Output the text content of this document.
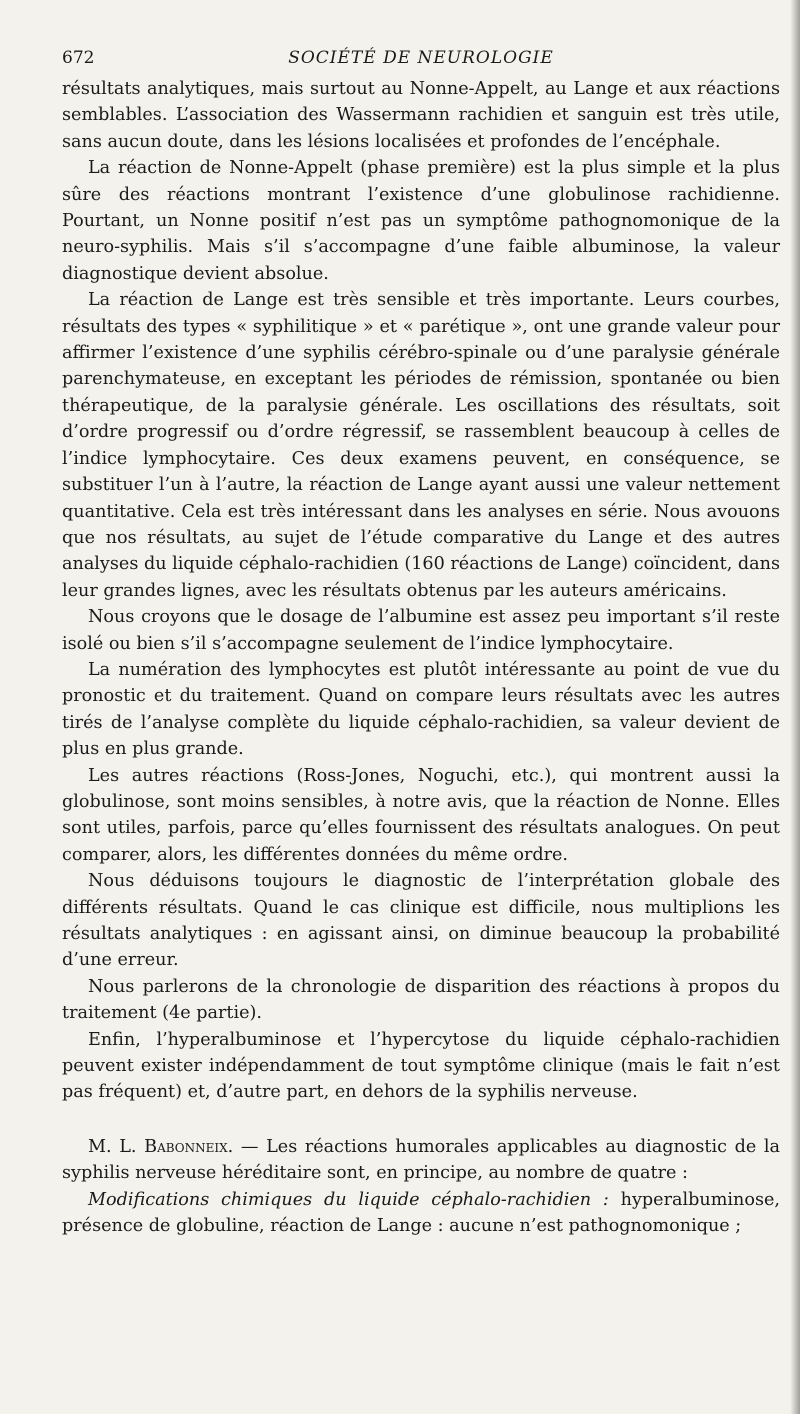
672	SOCIÉTÉ DE NEUROLOGIE

résultats analytiques, mais surtout au Nonne-Appelt, au Lange et aux réactions semblables. L’association des Wassermann rachidien et sanguin est très utile, sans aucun doute, dans les lésions localisées et profondes de l’encéphale.

La réaction de Nonne-Appelt (phase première) est la plus simple et la plus sûre des réactions montrant l’existence d’une globulinose rachidienne. Pourtant, un Nonne positif n’est pas un symptôme pathognomonique de la neuro-syphilis. Mais s’il s’accompagne d’une faible albuminose, la valeur diagnostique devient absolue.

La réaction de Lange est très sensible et très importante. Leurs courbes, résultats des types « syphilitique » et « parétique », ont une grande valeur pour affirmer l’existence d’une syphilis cérébro-spinale ou d’une paralysie générale parenchymateuse, en exceptant les périodes de rémission, spontanée ou bien thérapeutique, de la paralysie générale. Les oscillations des résultats, soit d’ordre progressif ou d’ordre régressif, se rassemblent beaucoup à celles de l’indice lymphocytaire. Ces deux examens peuvent, en conséquence, se substituer l’un à l’autre, la réaction de Lange ayant aussi une valeur nettement quantitative. Cela est très intéressant dans les analyses en série. Nous avouons que nos résultats, au sujet de l’étude comparative du Lange et des autres analyses du liquide céphalo-rachidien (160 réactions de Lange) coïncident, dans leur grandes lignes, avec les résultats obtenus par les auteurs américains.

Nous croyons que le dosage de l’albumine est assez peu important s’il reste isolé ou bien s’il s’accompagne seulement de l’indice lymphocytaire.

La numération des lymphocytes est plutôt intéressante au point de vue du pronostic et du traitement. Quand on compare leurs résultats avec les autres tirés de l’analyse complète du liquide céphalo-rachidien, sa valeur devient de plus en plus grande.

Les autres réactions (Ross-Jones, Noguchi, etc.), qui montrent aussi la globulinose, sont moins sensibles, à notre avis, que la réaction de Nonne. Elles sont utiles, parfois, parce qu’elles fournissent des résultats analogues. On peut comparer, alors, les différentes données du même ordre.

Nous déduisons toujours le diagnostic de l’interprétation globale des différents résultats. Quand le cas clinique est difficile, nous multiplions les résultats analytiques : en agissant ainsi, on diminue beaucoup la probabilité d’une erreur.

Nous parlerons de la chronologie de disparition des réactions à propos du traitement (4e partie).

Enfin, l’hyperalbuminose et l’hypercytose du liquide céphalo-rachidien peuvent exister indépendamment de tout symptôme clinique (mais le fait n’est pas fréquent) et, d’autre part, en dehors de la syphilis nerveuse.

M. L. Babonneix. — Les réactions humorales applicables au diagnostic de la syphilis nerveuse héréditaire sont, en principe, au nombre de quatre :

Modifications chimiques du liquide céphalo-rachidien : hyperalbuminose, présence de globuline, réaction de Lange : aucune n’est pathognomonique ;
